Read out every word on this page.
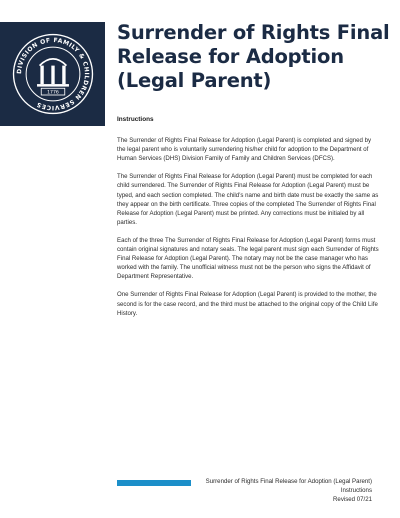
DIVISION OF FAMILY & CHILDREN SERVICES
1776
Surrender of Rights Final Release for Adoption (Legal Parent)
Instructions

The Surrender of Rights Final Release for Adoption (Legal Parent) is completed and signed by the legal parent who is voluntarily surrendering his/her child for adoption to the Department of Human Services (DHS) Division Family of Family and Children Services (DFCS).

The Surrender of Rights Final Release for Adoption (Legal Parent) must be completed for each child surrendered. The Surrender of Rights Final Release for Adoption (Legal Parent) must be typed, and each section completed. The child’s name and birth date must be exactly the same as they appear on the birth certificate. Three copies of the completed The Surrender of Rights Final Release for Adoption (Legal Parent) must be printed. Any corrections must be initialed by all parties.

Each of the three The Surrender of Rights Final Release for Adoption (Legal Parent) forms must contain original signatures and notary seals. The legal parent must sign each Surrender of Rights Final Release for Adoption (Legal Parent). The notary may not be the case manager who has worked with the family. The unofficial witness must not be the person who signs the Affidavit of Department Representative.

One Surrender of Rights Final Release for Adoption (Legal Parent) is provided to the mother, the second is for the case record, and the third must be attached to the original copy of the Child Life History.

Surrender of Rights Final Release for Adoption (Legal Parent)
Instructions
Revised 07/21
